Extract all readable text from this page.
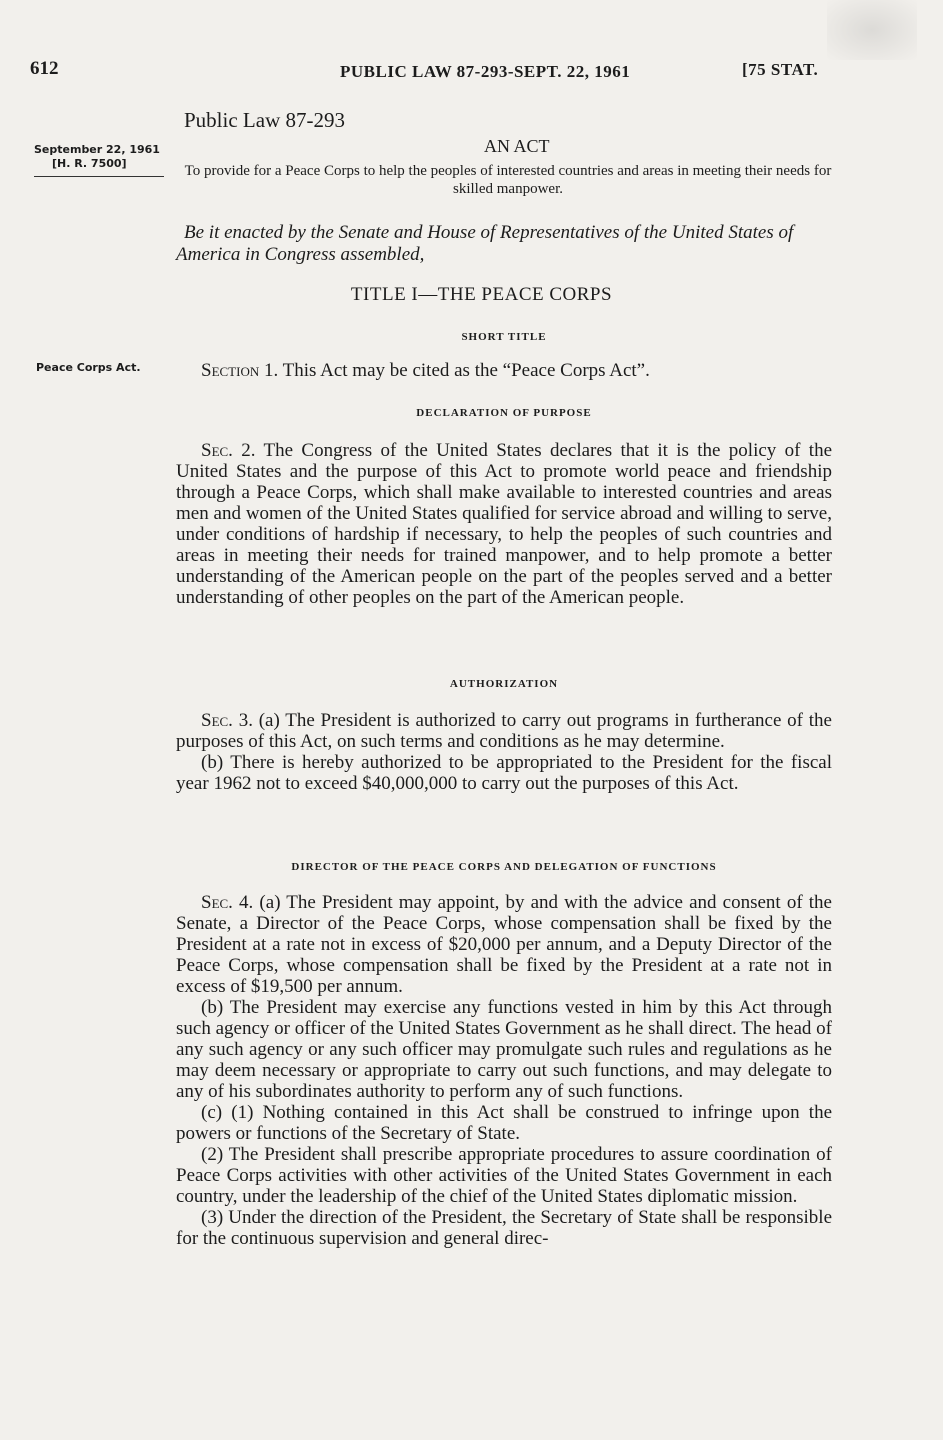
612	PUBLIC LAW 87-293-SEPT. 22, 1961	[75 STAT.
Public Law 87-293
September 22, 1961
[H. R. 7500]
AN ACT
To provide for a Peace Corps to help the peoples of interested countries and areas in meeting their needs for skilled manpower.
Be it enacted by the Senate and House of Representatives of the United States of America in Congress assembled,
TITLE I—THE PEACE CORPS
SHORT TITLE
Peace Corps Act.	Section 1. This Act may be cited as the “Peace Corps Act”.

DECLARATION OF PURPOSE

Sec. 2. The Congress of the United States declares that it is the policy of the United States and the purpose of this Act to promote world peace and friendship through a Peace Corps, which shall make available to interested countries and areas men and women of the United States qualified for service abroad and willing to serve, under conditions of hardship if necessary, to help the peoples of such countries and areas in meeting their needs for trained manpower, and to help promote a better understanding of the American people on the part of the peoples served and a better understanding of other peoples on the part of the American people.

AUTHORIZATION

Sec. 3. (a) The President is authorized to carry out programs in furtherance of the purposes of this Act, on such terms and conditions as he may determine.

(b) There is hereby authorized to be appropriated to the President for the fiscal year 1962 not to exceed $40,000,000 to carry out the purposes of this Act.

DIRECTOR OF THE PEACE CORPS AND DELEGATION OF FUNCTIONS

Sec. 4. (a) The President may appoint, by and with the advice and consent of the Senate, a Director of the Peace Corps, whose compensation shall be fixed by the President at a rate not in excess of $20,000 per annum, and a Deputy Director of the Peace Corps, whose compensation shall be fixed by the President at a rate not in excess of $19,500 per annum.

(b) The President may exercise any functions vested in him by this Act through such agency or officer of the United States Government as he shall direct. The head of any such agency or any such officer may promulgate such rules and regulations as he may deem necessary or appropriate to carry out such functions, and may delegate to any of his subordinates authority to perform any of such functions.

(c) (1) Nothing contained in this Act shall be construed to infringe upon the powers or functions of the Secretary of State.

(2) The President shall prescribe appropriate procedures to assure coordination of Peace Corps activities with other activities of the United States Government in each country, under the leadership of the chief of the United States diplomatic mission.

(3) Under the direction of the President, the Secretary of State shall be responsible for the continuous supervision and general direc-
